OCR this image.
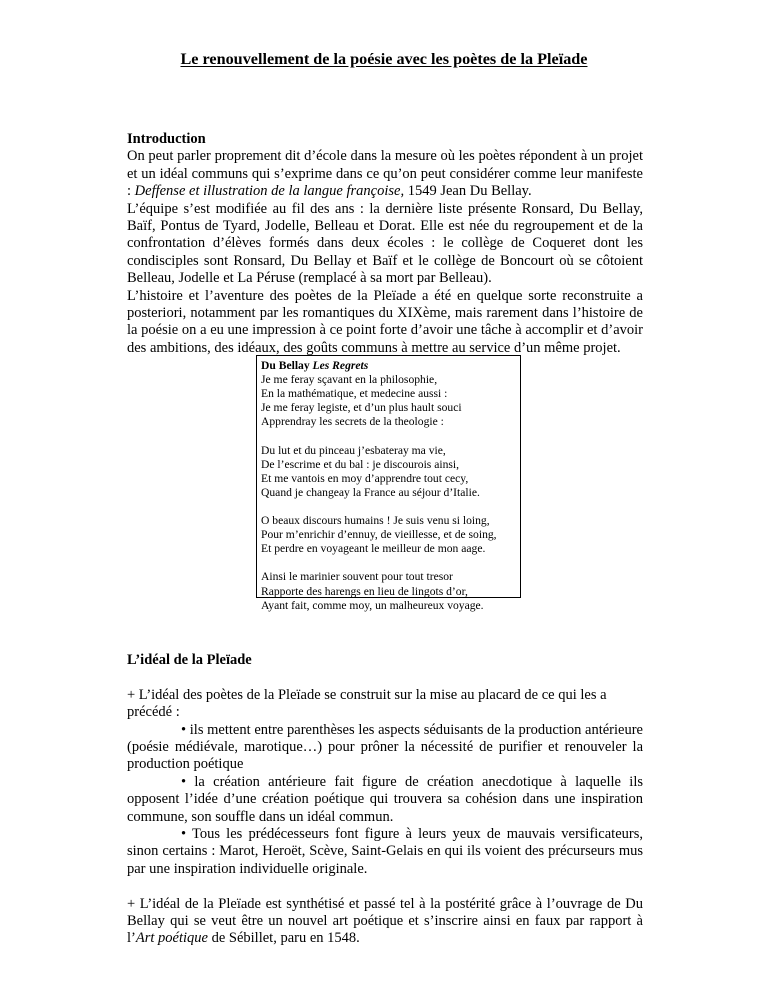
Le renouvellement de la poésie avec les poètes de la Pleïade

Introduction

On peut parler proprement dit d’école dans la mesure où les poètes répondent à un projet et un idéal communs qui s’exprime dans ce qu’on peut considérer comme leur manifeste : Deffense et illustration de la langue françoise, 1549 Jean Du Bellay.

L’équipe s’est modifiée au fil des ans : la dernière liste présente Ronsard, Du Bellay, Baïf, Pontus de Tyard, Jodelle, Belleau et Dorat. Elle est née du regroupement et de la confrontation d’élèves formés dans deux écoles : le collège de Coqueret dont les condisciples sont Ronsard, Du Bellay et Baïf et le collège de Boncourt où se côtoient Belleau, Jodelle et La Péruse (remplacé à sa mort par Belleau).

L’histoire et l’aventure des poètes de la Pleïade a été en quelque sorte reconstruite a posteriori, notamment par les romantiques du XIXème, mais rarement dans l’histoire de la poésie on a eu une impression à ce point forte d’avoir une tâche à accomplir et d’avoir des ambitions, des idéaux, des goûts communs à mettre au service d’un même projet.

Du Bellay Les Regrets
Je me feray sçavant en la philosophie,
En la mathématique, et medecine aussi :
Je me feray legiste, et d’un plus hault souci
Apprendray les secrets de la theologie :
Du lut et du pinceau j’esbateray ma vie,
De l’escrime et du bal : je discourois ainsi,
Et me vantois en moy d’apprendre tout cecy,
Quand je changeay la France au séjour d’Italie.
O beaux discours humains ! Je suis venu si loing,
Pour m’enrichir d’ennuy, de vieillesse, et de soing,
Et perdre en voyageant le meilleur de mon aage.
Ainsi le marinier souvent pour tout tresor
Rapporte des harengs en lieu de lingots d’or,
Ayant fait, comme moy, un malheureux voyage.

L’idéal de la Pleïade

+ L’idéal des poètes de la Pleïade se construit sur la mise au placard de ce qui les a précédé :

• ils mettent entre parenthèses les aspects séduisants de la production antérieure (poésie médiévale, marotique…) pour prôner la nécessité de purifier et renouveler la production poétique

• la création antérieure fait figure de création anecdotique à laquelle ils opposent l’idée d’une création poétique qui trouvera sa cohésion dans une inspiration commune, son souffle dans un idéal commun.

• Tous les prédécesseurs font figure à leurs yeux de mauvais versificateurs, sinon certains : Marot, Heroët, Scève, Saint-Gelais en qui ils voient des précurseurs mus par une inspiration individuelle originale.

+ L’idéal de la Pleïade est synthétisé et passé tel à la postérité grâce à l’ouvrage de Du Bellay qui se veut être un nouvel art poétique et s’inscrire ainsi en faux par rapport à l’Art poétique de Sébillet, paru en 1548.
